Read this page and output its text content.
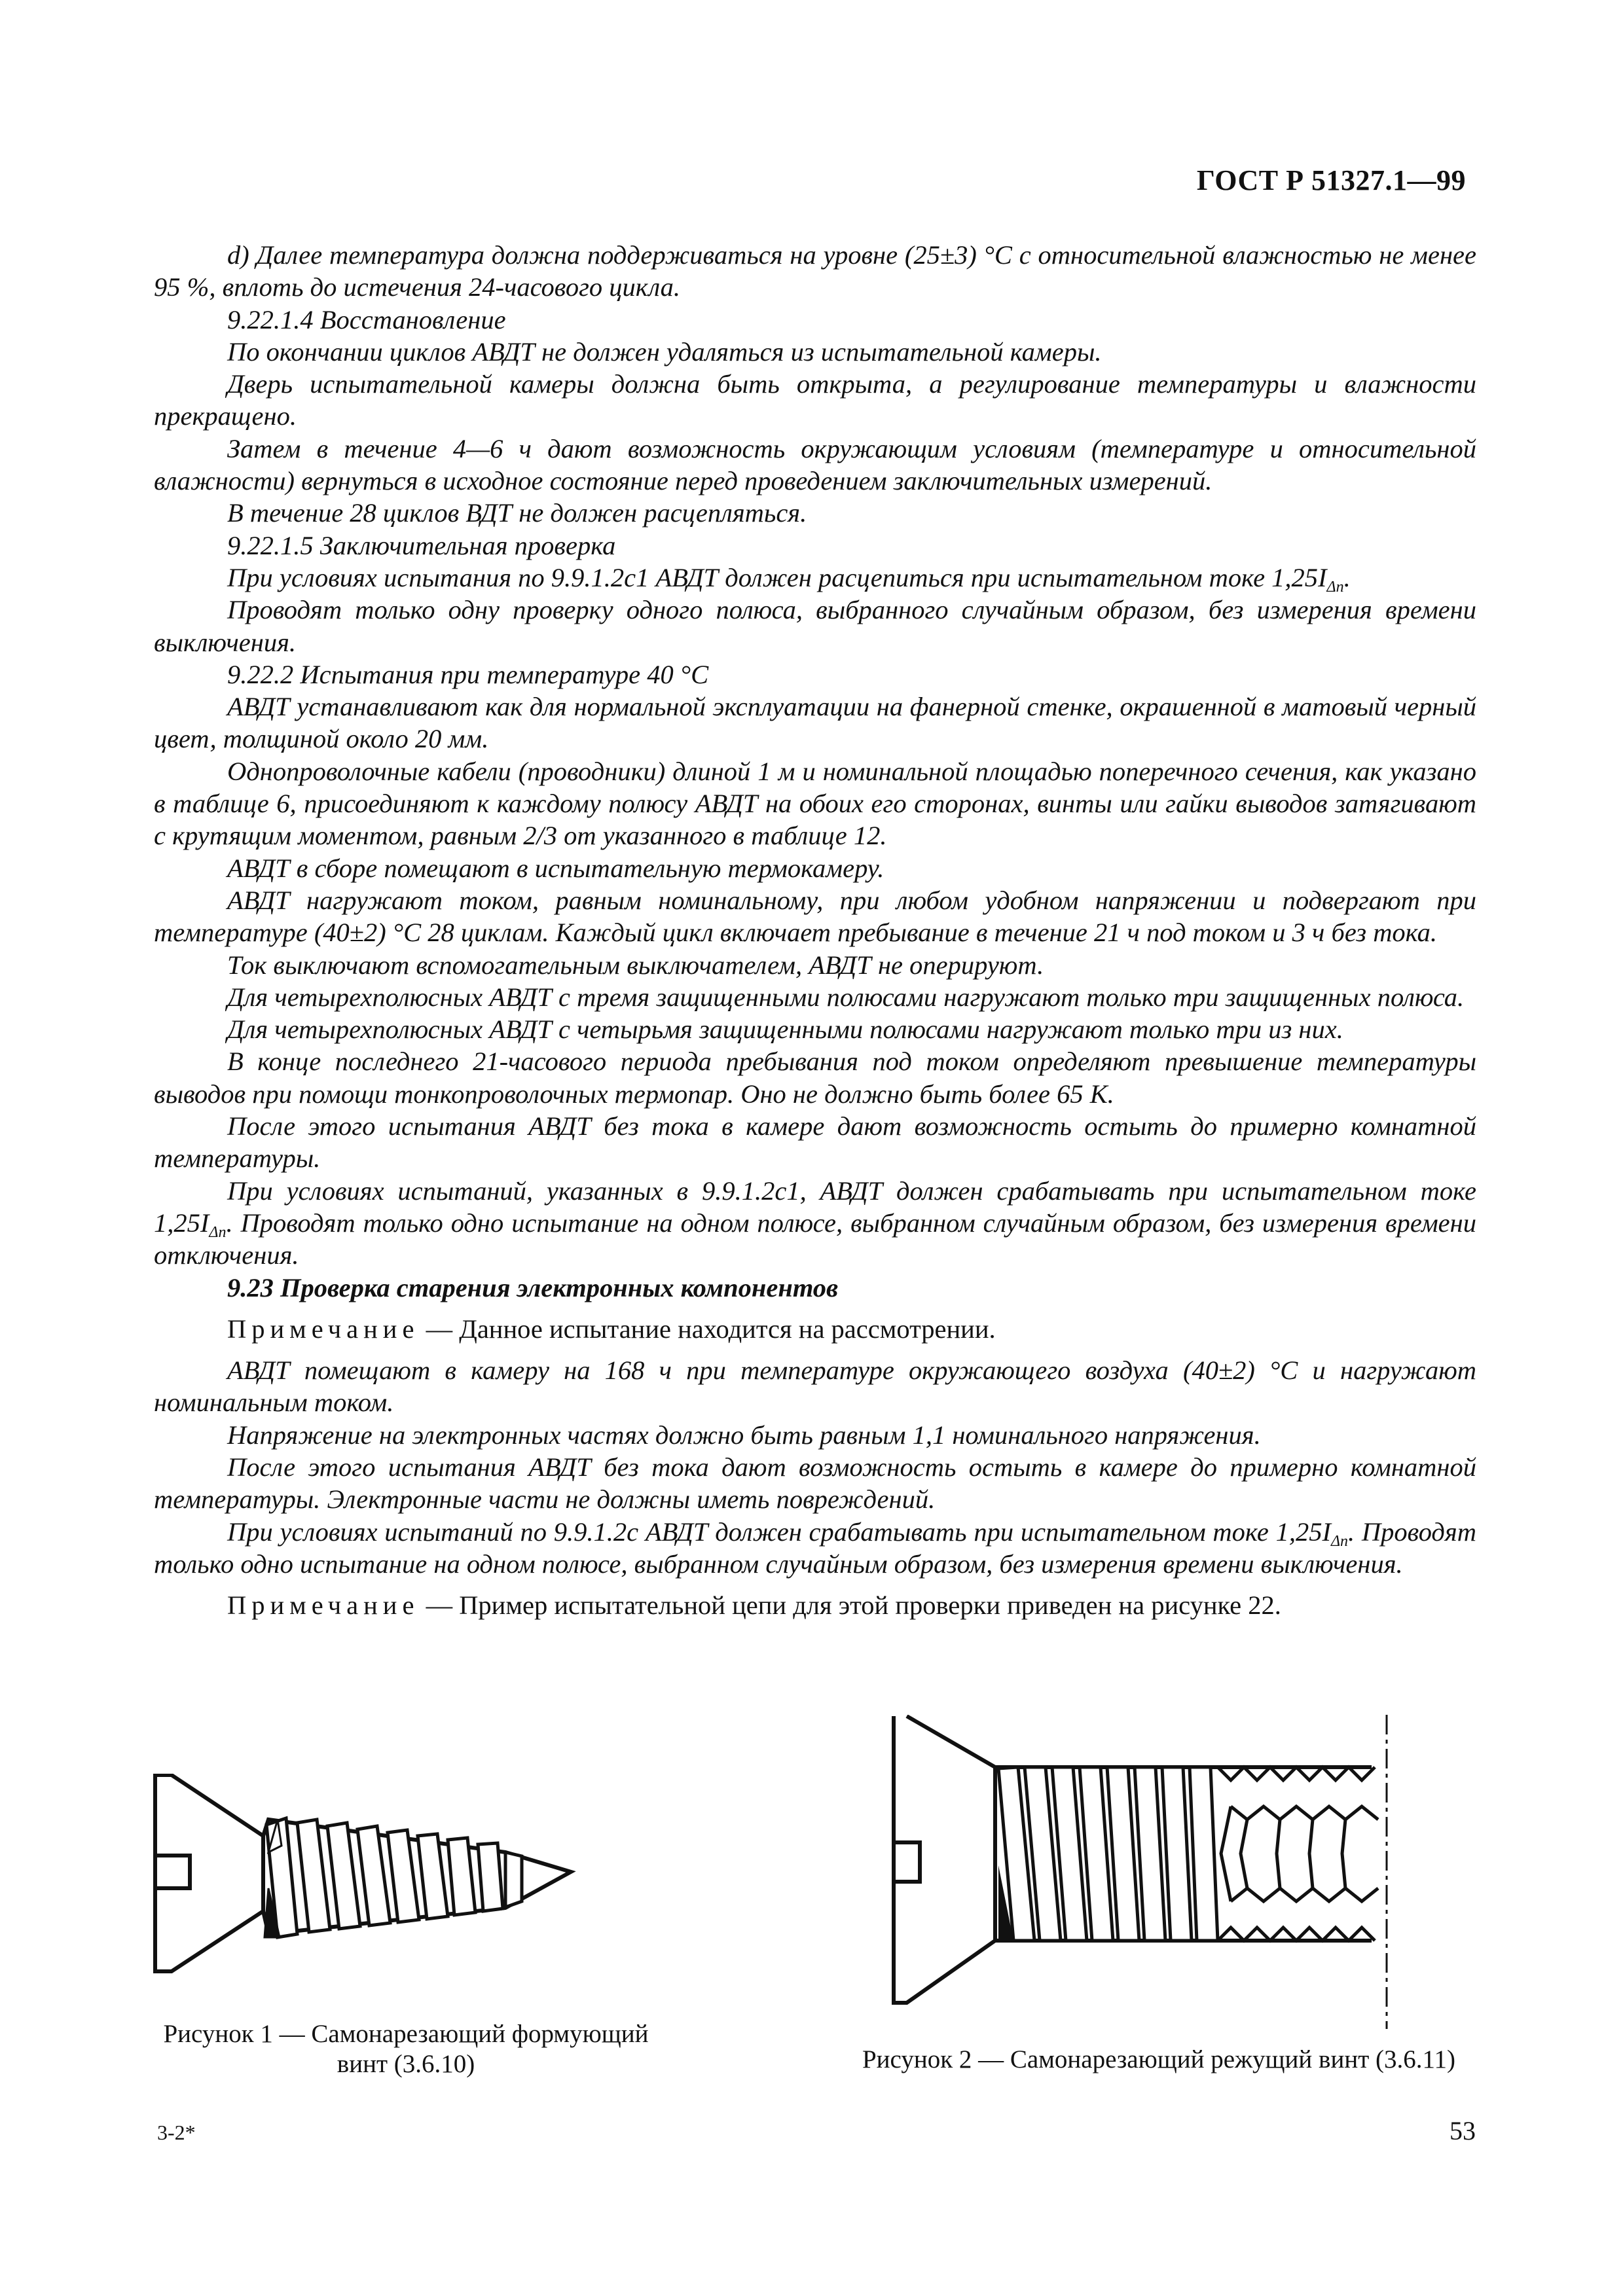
ГОСТ Р 51327.1—99

d) Далее температура должна поддерживаться на уровне (25±3) °С с относительной влажностью не менее 95 %, вплоть до истечения 24-часового цикла.

9.22.1.4 Восстановление

По окончании циклов АВДТ не должен удаляться из испытательной камеры.

Дверь испытательной камеры должна быть открыта, а регулирование температуры и влажности прекращено.

Затем в течение 4—6 ч дают возможность окружающим условиям (температуре и относительной влажности) вернуться в исходное состояние перед проведением заключительных измерений.

В течение 28 циклов ВДТ не должен расцепляться.

9.22.1.5 Заключительная проверка

При условиях испытания по 9.9.1.2с1 АВДТ должен расцепиться при испытательном токе $1,25I_{\Delta n}$.

Проводят только одну проверку одного полюса, выбранного случайным образом, без измерения времени выключения.

9.22.2 Испытания при температуре 40 °С

АВДТ устанавливают как для нормальной эксплуатации на фанерной стенке, окрашенной в матовый черный цвет, толщиной около 20 мм.

Однопроволочные кабели (проводники) длиной 1 м и номинальной площадью поперечного сечения, как указано в таблице 6, присоединяют к каждому полюсу АВДТ на обоих его сторонах, винты или гайки выводов затягивают с крутящим моментом, равным 2/3 от указанного в таблице 12.

АВДТ в сборе помещают в испытательную термокамеру.

АВДТ нагружают током, равным номинальному, при любом удобном напряжении и подвергают при температуре (40±2) °С 28 циклам. Каждый цикл включает пребывание в течение 21 ч под током и 3 ч без тока.

Ток выключают вспомогательным выключателем, АВДТ не оперируют.

Для четырехполюсных АВДТ с тремя защищенными полюсами нагружают только три защищенных полюса.

Для четырехполюсных АВДТ с четырьмя защищенными полюсами нагружают только три из них.

В конце последнего 21-часового периода пребывания под током определяют превышение температуры выводов при помощи тонкопроволочных термопар. Оно не должно быть более 65 К.

После этого испытания АВДТ без тока в камере дают возможность остыть до примерно комнатной температуры.

При условиях испытаний, указанных в 9.9.1.2с1, АВДТ должен срабатывать при испытательном токе $1,25I_{\Delta n}$. Проводят только одно испытание на одном полюсе, выбранном случайным образом, без измерения времени отключения.

9.23 Проверка старения электронных компонентов

Примечание — Данное испытание находится на рассмотрении.

АВДТ помещают в камеру на 168 ч при температуре окружающего воздуха (40±2) °С и нагружают номинальным током.

Напряжение на электронных частях должно быть равным 1,1 номинального напряжения.

После этого испытания АВДТ без тока дают возможность остыть в камере до примерно комнатной температуры. Электронные части не должны иметь повреждений.

При условиях испытаний по 9.9.1.2с АВДТ должен срабатывать при испытательном токе $1,25I_{\Delta n}$. Проводят только одно испытание на одном полюсе, выбранном случайным образом, без измерения времени выключения.

Примечание — Пример испытательной цепи для этой проверки приведен на рисунке 22.

Рисунок 1 — Самонарезающий формующий
винт (3.6.10)	Рисунок 2 — Самонарезающий режущий винт (3.6.11)
3-2*	53
